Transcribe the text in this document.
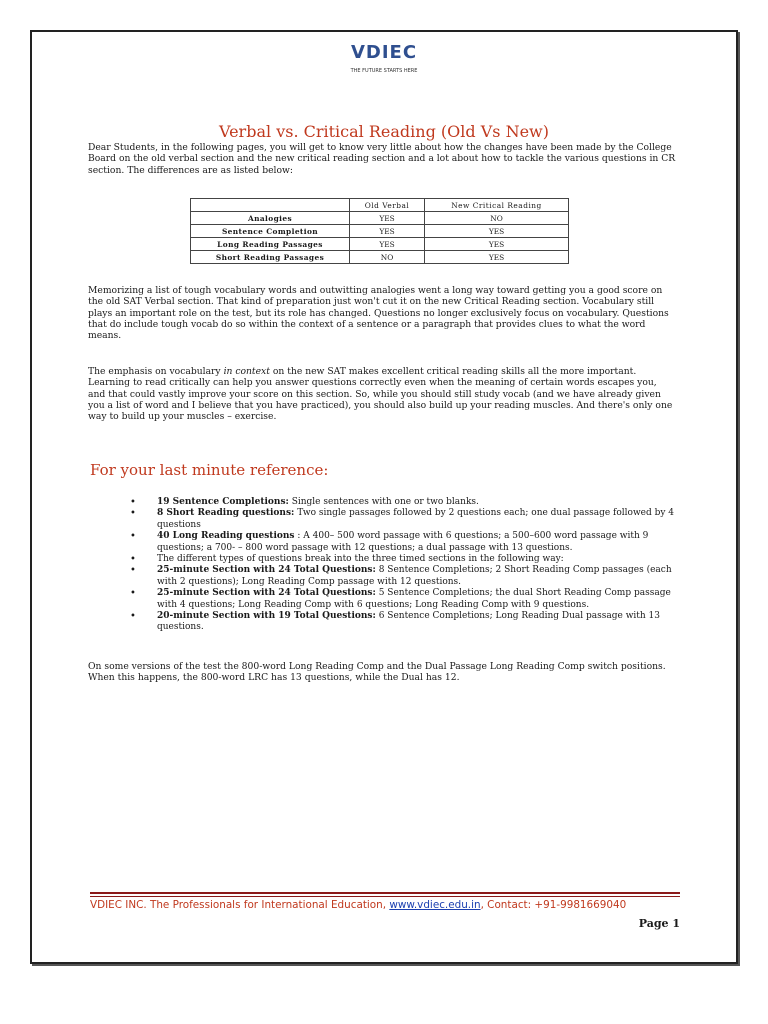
VDIEC
THE FUTURE STARTS HERE
Verbal vs. Critical Reading (Old Vs New)

Dear Students, in the following pages, you will get to know very little about how the changes have been made by the College Board on the old verbal section and the new critical reading section and a lot about how to tackle the various questions in CR section. The differences are as listed below:

	Old Verbal	New Critical Reading
Analogies	YES	NO
Sentence Completion	YES	YES
Long Reading Passages	YES	YES
Short Reading Passages	NO	YES

Memorizing a list of tough vocabulary words and outwitting analogies went a long way toward getting you a good score on the old SAT Verbal section. That kind of preparation just won't cut it on the new Critical Reading section. Vocabulary still plays an important role on the test, but its role has changed. Questions no longer exclusively focus on vocabulary. Questions that do include tough vocab do so within the context of a sentence or a paragraph that provides clues to what the word means.

The emphasis on vocabulary in context on the new SAT makes excellent critical reading skills all the more important. Learning to read critically can help you answer questions correctly even when the meaning of certain words escapes you, and that could vastly improve your score on this section. So, while you should still study vocab (and we have already given you a list of word and I believe that you have practiced), you should also build up your reading muscles. And there's only one way to build up your muscles – exercise.

For your last minute reference:
• 19 Sentence Completions: Single sentences with one or two blanks.
• 8 Short Reading questions: Two single passages followed by 2 questions each; one dual passage followed by 4 questions
• 40 Long Reading questions : A 400– 500 word passage with 6 questions; a 500–600 word passage with 9 questions; a 700- – 800 word passage with 12 questions; a dual passage with 13 questions.
• The different types of questions break into the three timed sections in the following way:
• 25-minute Section with 24 Total Questions: 8 Sentence Completions; 2 Short Reading Comp passages (each with 2 questions); Long Reading Comp passage with 12 questions.
• 25-minute Section with 24 Total Questions: 5 Sentence Completions; the dual Short Reading Comp passage with 4 questions; Long Reading Comp with 6 questions; Long Reading Comp with 9 questions.
• 20-minute Section with 19 Total Questions: 6 Sentence Completions; Long Reading Dual passage with 13 questions.

On some versions of the test the 800-word Long Reading Comp and the Dual Passage Long Reading Comp switch positions. When this happens, the 800-word LRC has 13 questions, while the Dual has 12.

VDIEC INC. The Professionals for International Education, www.vdiec.edu.in, Contact: +91-9981669040
Page 1
